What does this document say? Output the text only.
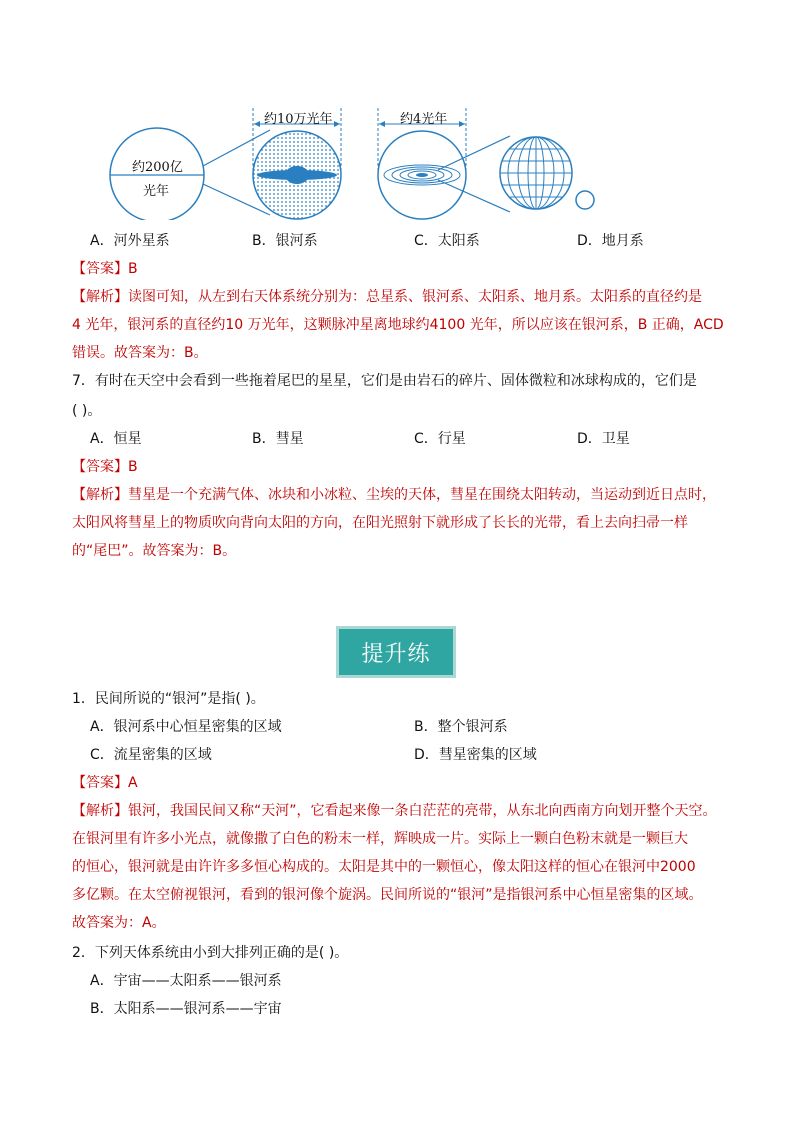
约200亿
光年
约10万光年	约4光年
A．河外星系	B．银河系	C．太阳系	D．地月系
【答案】B
【解析】读图可知，从左到右天体系统分别为：总星系、银河系、太阳系、地月系。太阳系的直径约是
4 光年，银河系的直径约10 万光年，这颗脉冲星离地球约4100 光年，所以应该在银河系，B 正确，ACD
错误。故答案为：B。
7．有时在天空中会看到一些拖着尾巴的星星，它们是由岩石的碎片、固体微粒和冰球构成的，它们是
( )。
A．恒星	B．彗星	C．行星	D．卫星
【答案】B
【解析】彗星是一个充满气体、冰块和小冰粒、尘埃的天体，彗星在围绕太阳转动，当运动到近日点时，
太阳风将彗星上的物质吹向背向太阳的方向，在阳光照射下就形成了长长的光带，看上去向扫帚一样
的“尾巴”。故答案为：B。
提升练
1．民间所说的“银河”是指( )。
A．银河系中心恒星密集的区域	B．整个银河系
C．流星密集的区域	D．彗星密集的区域
【答案】A
【解析】银河，我国民间又称“天河”，它看起来像一条白茫茫的亮带，从东北向西南方向划开整个天空。
在银河里有许多小光点，就像撒了白色的粉末一样，辉映成一片。实际上一颗白色粉末就是一颗巨大
的恒心，银河就是由许许多多恒心构成的。太阳是其中的一颗恒心，像太阳这样的恒心在银河中2000
多亿颗。在太空俯视银河，看到的银河像个旋涡。民间所说的“银河”是指银河系中心恒星密集的区域。
故答案为：A。
2．下列天体系统由小到大排列正确的是( )。
A．宇宙——太阳系——银河系
B．太阳系——银河系——宇宙
